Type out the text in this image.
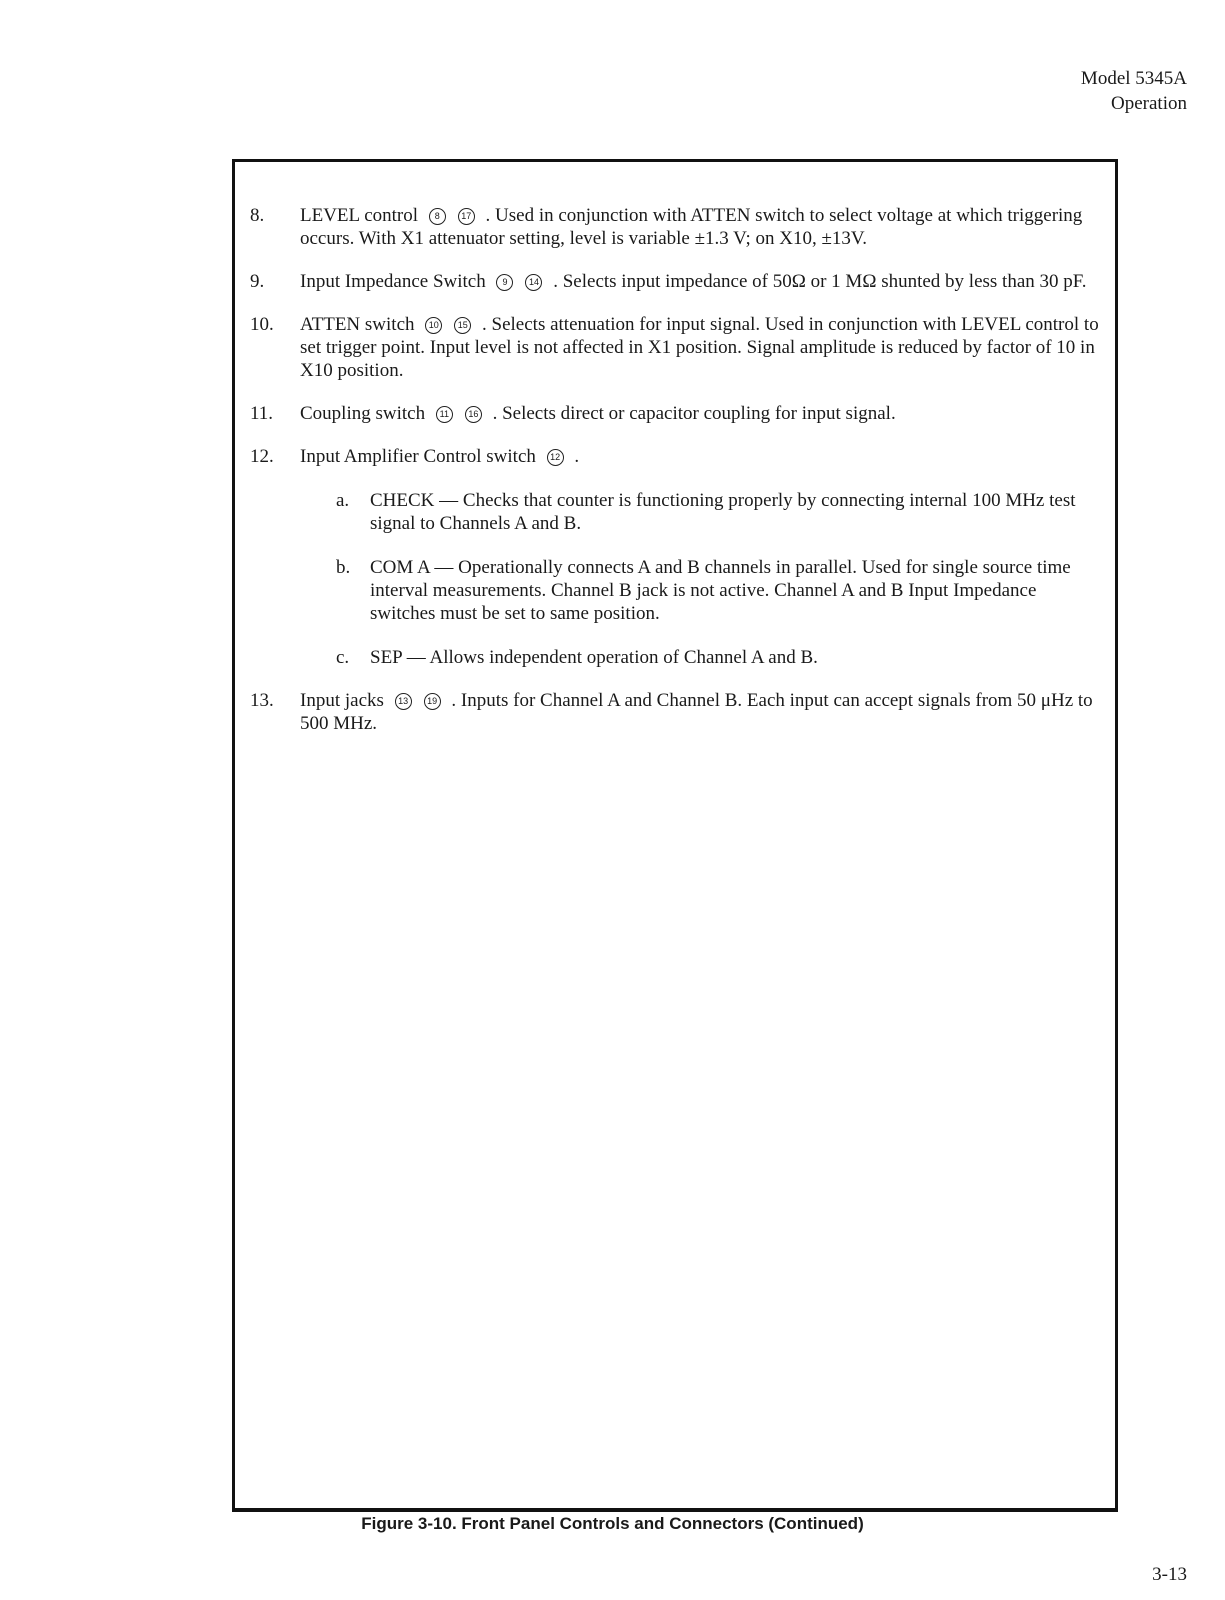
Model 5345A
Operation
8.	LEVEL control 8 17 . Used in conjunction with ATTEN switch to select voltage at which triggering occurs. With X1 attenuator setting, level is variable ±1.3 V; on X10, ±13V.
9.	Input Impedance Switch 9 14 . Selects input impedance of 50Ω or 1 MΩ shunted by less than 30 pF.
10.	ATTEN switch 10 15 . Selects attenuation for input signal. Used in conjunction with LEVEL control to set trigger point. Input level is not affected in X1 position. Signal amplitude is reduced by factor of 10 in X10 position.
11.	Coupling switch 11 16 . Selects direct or capacitor coupling for input signal.
12.	Input Amplifier Control switch 12 .
a.	CHECK — Checks that counter is functioning properly by connecting internal 100 MHz test signal to Channels A and B.
b.	COM A — Operationally connects A and B channels in parallel. Used for single source time interval measurements. Channel B jack is not active. Channel A and B Input Impedance switches must be set to same position.
c.	SEP — Allows independent operation of Channel A and B.
13.	Input jacks 13 19 . Inputs for Channel A and Channel B. Each input can accept signals from 50 μHz to 500 MHz.
Figure 3-10. Front Panel Controls and Connectors (Continued)
3-13
